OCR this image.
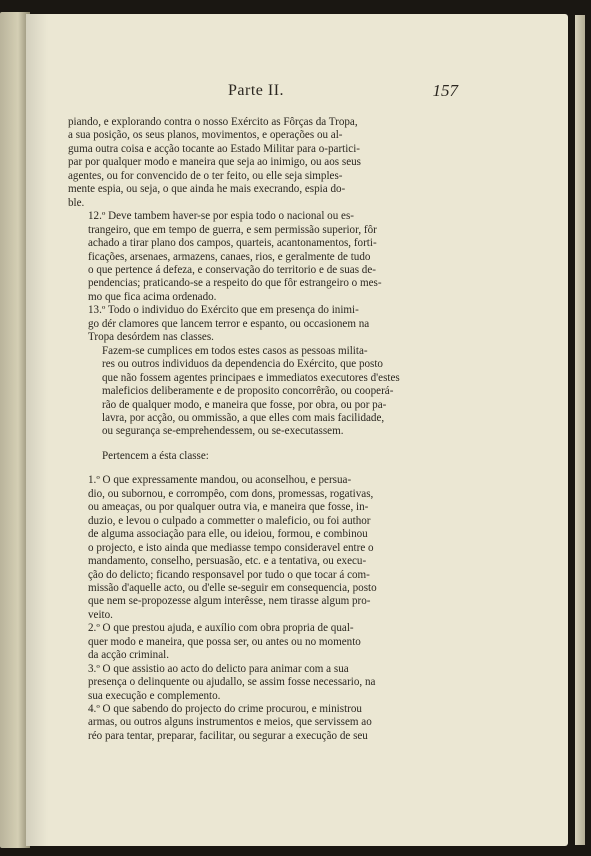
Parte II.	157

piando, e explorando contra o nosso Exército as Fôrças da Tropa,
a sua posição, os seus planos, movimentos, e operações ou al-
guma outra coisa e acção tocante ao Estado Militar para o-partici-
par por qualquer modo e maneira que seja ao inimigo, ou aos seus
agentes, ou for convencido de o ter feito, ou elle seja simples-
mente espia, ou seja, o que ainda he mais execrando, espia do-
ble.

12.º Deve tambem haver-se por espia todo o nacional ou es-
trangeiro, que em tempo de guerra, e sem permissão superior, fôr
achado a tirar plano dos campos, quarteis, acantonamentos, forti-
ficações, arsenaes, armazens, canaes, rios, e geralmente de tudo
o que pertence á defeza, e conservação do territorio e de suas de-
pendencias; praticando-se a respeito do que fôr estrangeiro o mes-
mo que fica acima ordenado.

13.º Todo o individuo do Exército que em presença do inimi-
go dér clamores que lancem terror e espanto, ou occasionem na
Tropa desórdem nas classes.

Fazem-se cumplices em todos estes casos as pessoas milita-
res ou outros individuos da dependencia do Exército, que posto
que não fossem agentes principaes e immediatos executores d'estes
maleficios deliberamente e de proposito concorrêrão, ou cooperá-
rão de qualquer modo, e maneira que fosse, por obra, ou por pa-
lavra, por acção, ou ommissão, a que elles com mais facilidade,
ou segurança se-emprehendessem, ou se-executassem.

Pertencem a ésta classe:

1.º O que expressamente mandou, ou aconselhou, e persua-
dio, ou subornou, e corrompêo, com dons, promessas, rogativas,
ou ameaças, ou por qualquer outra via, e maneira que fosse, in-
duzio, e levou o culpado a commetter o maleficio, ou foi author
de alguma associação para elle, ou ideiou, formou, e combinou
o projecto, e isto ainda que mediasse tempo consideravel entre o
mandamento, conselho, persuasão, etc. e a tentativa, ou execu-
ção do delicto; ficando responsavel por tudo o que tocar á com-
missão d'aquelle acto, ou d'elle se-seguir em consequencia, posto
que nem se-propozesse algum interêsse, nem tirasse algum pro-
veito.

2.º O que prestou ajuda, e auxílio com obra propria de qual-
quer modo e maneira, que possa ser, ou antes ou no momento
da acção criminal.

3.º O que assistio ao acto do delicto para animar com a sua
presença o delinquente ou ajudallo, se assim fosse necessario, na
sua execução e complemento.

4.º O que sabendo do projecto do crime procurou, e ministrou
armas, ou outros alguns instrumentos e meios, que servissem ao
réo para tentar, preparar, facilitar, ou segurar a execução de seu
